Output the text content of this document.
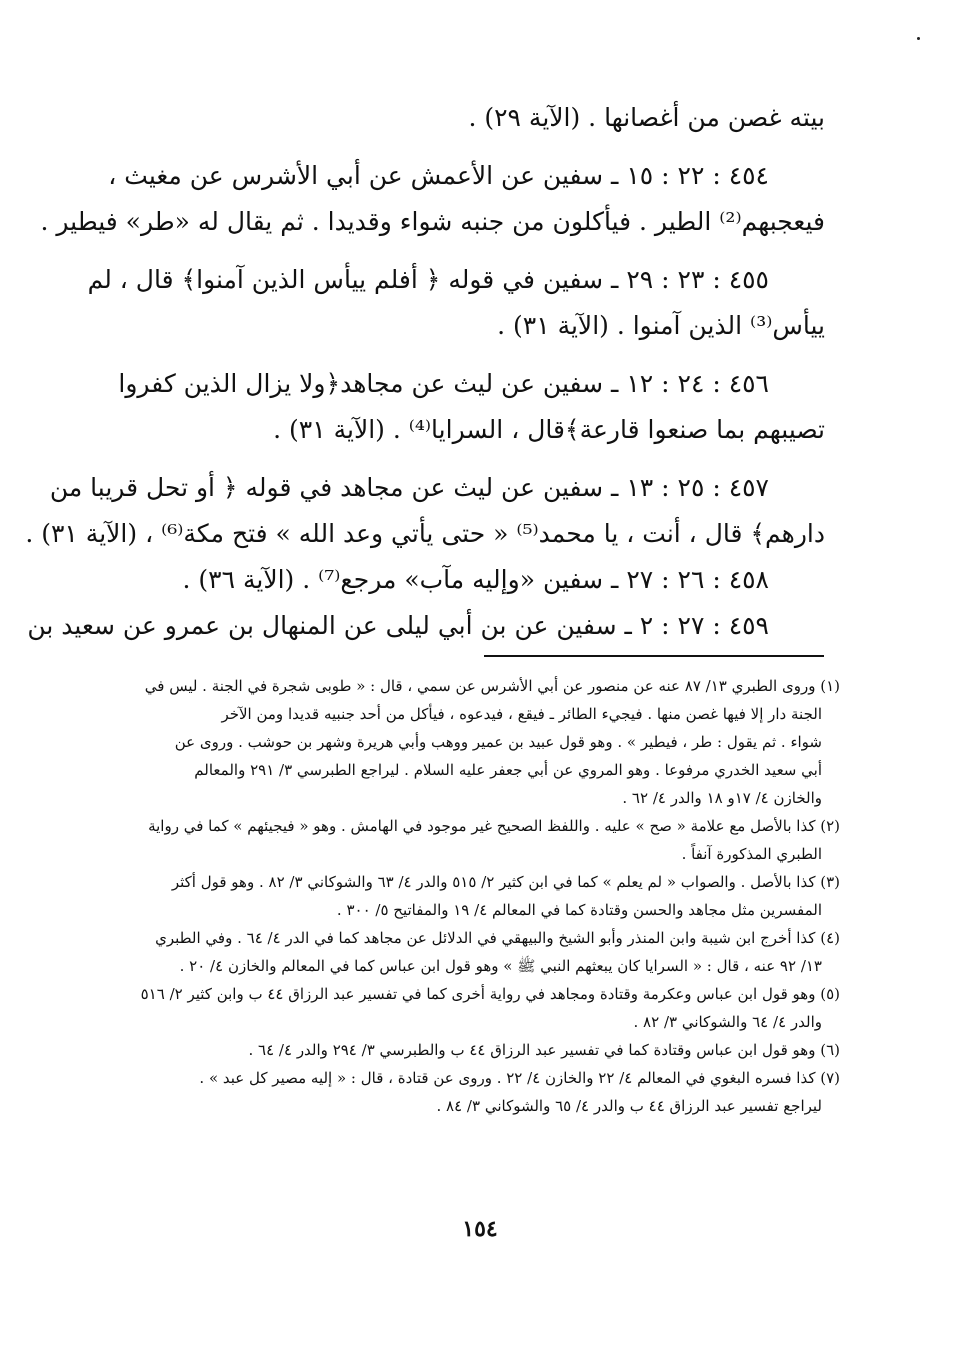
بيته غصن من أغصانها . (الآية ٢٩) .
٤٥٤ : ٢٢ : ١٥ ـ سفين عن الأعمش عن أبي الأشرس عن مغيث ،
فيعجبهم⁽²⁾ الطير . فيأكلون من جنبه شواء وقديدا . ثم يقال له «طر» فيطير .
٤٥٥ : ٢٣ : ٢٩ ـ سفين في قوله ﴿ أفلم ييأس الذين آمنوا﴾ قال ، لم
ييأس⁽³⁾ الذين آمنوا . (الآية ٣١) .
٤٥٦ : ٢٤ : ١٢ ـ سفين عن ليث عن مجاهد﴿ولا يزال الذين كفروا
تصيبهم بما صنعوا قارعة﴾قال ، السرايا⁽⁴⁾ . (الآية ٣١) .
٤٥٧ : ٢٥ : ١٣ ـ سفين عن ليث عن مجاهد في قوله ﴿ أو تحل قريبا من
دارهم﴾ قال ، أنت ، يا محمد⁽⁵⁾ « حتى يأتي وعد الله » فتح مكة⁽⁶⁾ ، (الآية ٣١) .
٤٥٨ : ٢٦ : ٢٧ ـ سفين «وإليه مآب» مرجع⁽⁷⁾ . (الآية ٣٦) .
٤٥٩ : ٢٧ : ٢ ـ سفين عن بن أبي ليلى عن المنهال بن عمرو عن سعيد بن
(١) وروى الطبري ١٣/ ٨٧ عنه عن منصور عن أبي الأشرس عن سمي ، قال : « طوبى شجرة في الجنة . ليس في
الجنة دار إلا فيها غصن منها . فيجيء الطائر ـ فيقع ، فيدعوه ، فيأكل من أحد جنبيه قديدا ومن الآخر
شواء . ثم يقول : طر ، فيطير » . وهو قول عبيد بن عمير ووهب وأبي هريرة وشهر بن حوشب . وروى عن
أبي سعيد الخدري مرفوعا . وهو المروي عن أبي جعفر عليه السلام . ليراجع الطبرسي ٣/ ٢٩١ والمعالم
والخازن ٤/ ١٧و ١٨ والدر ٤/ ٦٢ .
(٢) كذا بالأصل مع علامة « صح » عليه . واللفظ الصحيح غير موجود في الهامش . وهو « فيجيئهم » كما في رواية
الطبري المذكورة آنفاً .
(٣) كذا بالأصل . والصواب « لم يعلم » كما في ابن كثير ٢/ ٥١٥ والدر ٤/ ٦٣ والشوكاني ٣/ ٨٢ . وهو قول أكثر
المفسرين مثل مجاهد والحسن وقتادة كما في المعالم ٤/ ١٩ والمفاتيح ٥/ ٣٠٠ .
(٤) كذا أخرج ابن شيبة وابن المنذر وأبو الشيخ والبيهقي في الدلائل عن مجاهد كما في الدر ٤/ ٦٤ . وفي الطبري
١٣/ ٩٢ عنه ، قال : « السرايا كان يبعثهم النبي ﷺ » وهو قول ابن عباس كما في المعالم والخازن ٤/ ٢٠ .
(٥) وهو قول ابن عباس وعكرمة وقتادة ومجاهد في رواية أخرى كما في تفسير عبد الرزاق ٤٤ ب وابن كثير ٢/ ٥١٦
والدر ٤/ ٦٤ والشوكاني ٣/ ٨٢ .
(٦) وهو قول ابن عباس وقتادة كما في تفسير عبد الرزاق ٤٤ ب والطبرسي ٣/ ٢٩٤ والدر ٤/ ٦٤ .
(٧) كذا فسره البغوي في المعالم ٤/ ٢٢ والخازن ٤/ ٢٢ . وروى عن قتادة ، قال : « إليه مصير كل عبد » .
ليراجع تفسير عبد الرزاق ٤٤ ب والدر ٤/ ٦٥ والشوكاني ٣/ ٨٤ .
١٥٤
